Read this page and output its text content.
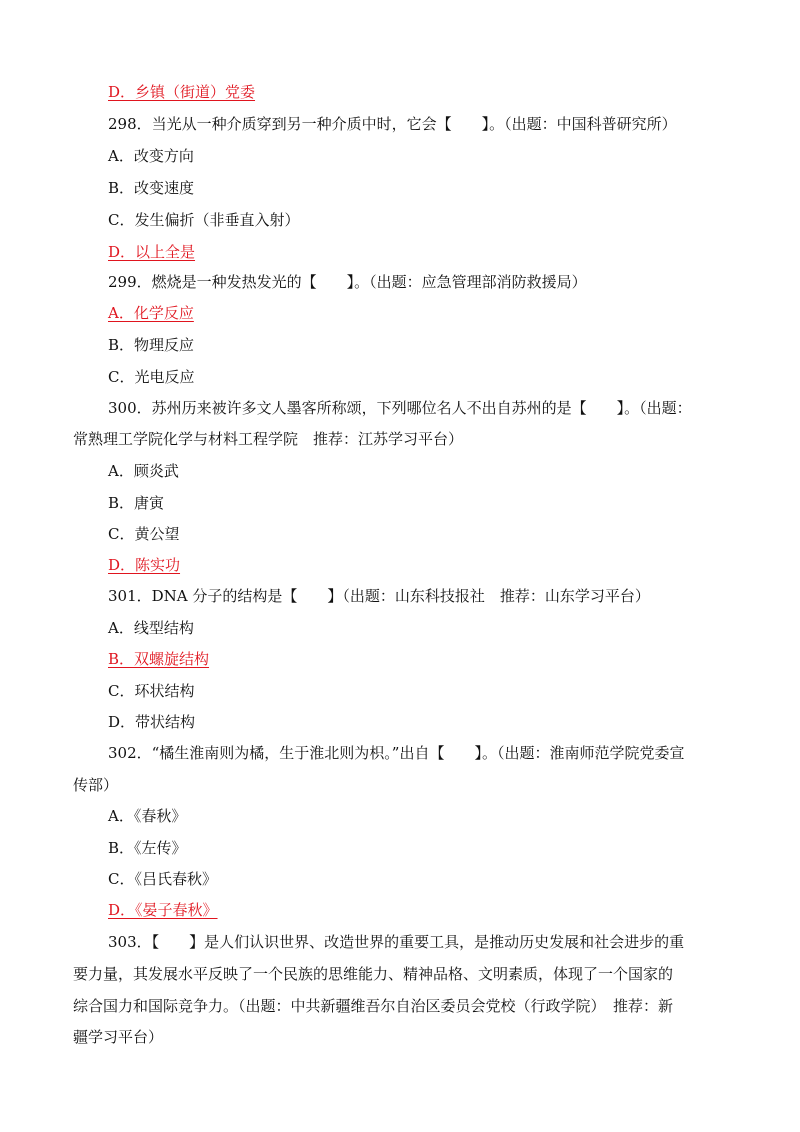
D．乡镇（街道）党委
298．当光从一种介质穿到另一种介质中时，它会【　　】。（出题：中国科普研究所）
A．改变方向
B．改变速度
C．发生偏折（非垂直入射）
D．以上全是
299．燃烧是一种发热发光的【　　】。（出题：应急管理部消防救援局）
A．化学反应
B．物理反应
C．光电反应
300．苏州历来被许多文人墨客所称颂，下列哪位名人不出自苏州的是【　　】。（出题：
常熟理工学院化学与材料工程学院　推荐：江苏学习平台）
A．顾炎武
B．唐寅
C．黄公望
D．陈实功
301．DNA 分子的结构是【　　】（出题：山东科技报社　推荐：山东学习平台）
A．线型结构
B．双螺旋结构
C．环状结构
D．带状结构
302．“橘生淮南则为橘，生于淮北则为枳。”出自【　　】。（出题：淮南师范学院党委宣
传部）
A．《春秋》
B．《左传》
C．《吕氏春秋》
D．《晏子春秋》
303．【　　】是人们认识世界、改造世界的重要工具，是推动历史发展和社会进步的重
要力量，其发展水平反映了一个民族的思维能力、精神品格、文明素质，体现了一个国家的
综合国力和国际竞争力。（出题：中共新疆维吾尔自治区委员会党校（行政学院）　推荐：新
疆学习平台）
